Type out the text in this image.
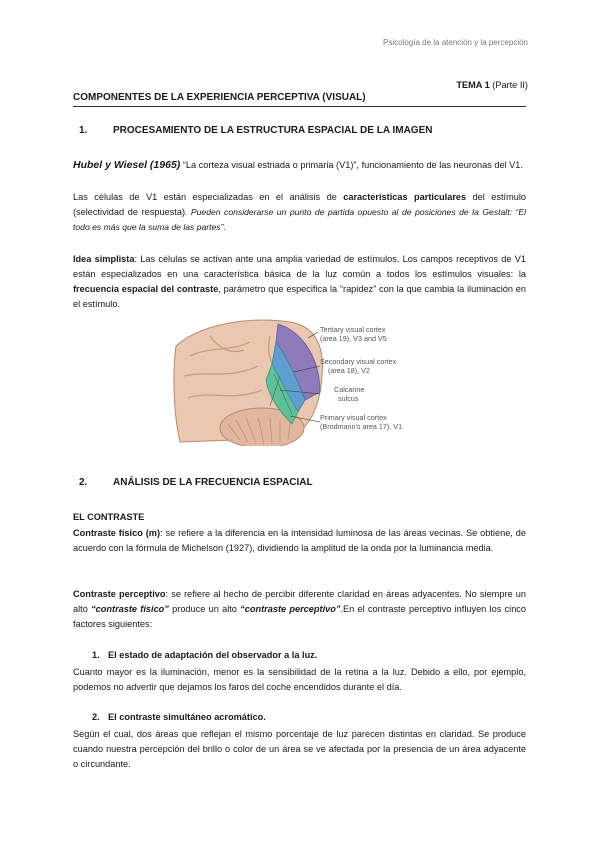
Psicología de la atención y la percepción
TEMA 1 (Parte II)
COMPONENTES DE LA EXPERIENCIA PERCEPTIVA (VISUAL)
1.	PROCESAMIENTO DE LA ESTRUCTURA ESPACIAL DE LA IMAGEN
Hubel y Wiesel (1965) “La corteza visual estriada o primaria (V1)”, funcionamiento de las neuronas del V1.
Las células de V1 están especializadas en el análisis de características particulares del estímulo (selectividad de respuesta). Pueden considerarse un punto de partida opuesto al de posiciones de la Gestalt: “El todo es más que la suma de las partes”.
Idea simplista: Las células se activan ante una amplia variedad de estímulos. Los campos receptivos de V1 están especializados en una característica básica de la luz común a todos los estímulos visuales: la frecuencia espacial del contraste, parámetro que especifica la “rapidez” con la que cambia la iluminación en el estímulo.
Tertiary visual cortex
(area 19), V3 and V5
Secondary visual cortex
(area 18), V2
Calcarine
sulcus
Primary visual cortex
(Brodmann's area 17), V1
2.	ANÁLISIS DE LA FRECUENCIA ESPACIAL
EL CONTRASTE
Contraste físico (m): se refiere a la diferencia en la intensidad luminosa de las áreas vecinas. Se obtiene, de acuerdo con la fórmula de Michelson (1927), dividiendo la amplitud de la onda por la luminancia media.
Contraste perceptivo: se refiere al hecho de percibir diferente claridad en áreas adyacentes. No siempre un alto “contraste físico” produce un alto “contraste perceptivo”.En el contraste perceptivo influyen los cinco factores siguientes:
1. El estado de adaptación del observador a la luz.
Cuanto mayor es la iluminación, menor es la sensibilidad de la retina a la luz. Debido a ello, por ejemplo, podemos no advertir que dejamos los faros del coche encendidos durante el día.
2. El contraste simultáneo acromático.
Según el cual, dos áreas que reflejan el mismo porcentaje de luz parecen distintas en claridad. Se produce cuando nuestra percepción del brillo o color de un área se ve afectada por la presencia de un área adyacente o circundante.
